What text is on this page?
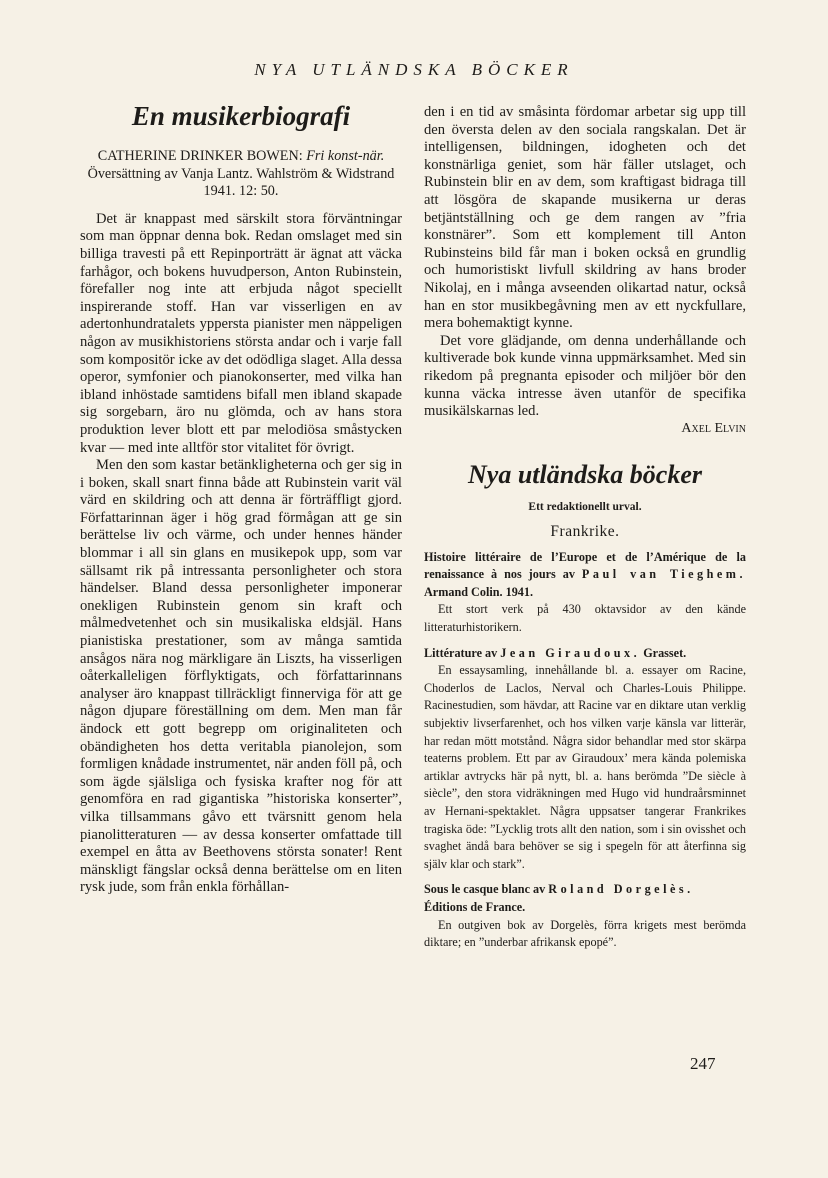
NYA UTLÄNDSKA BÖCKER
En musikerbiografi
CATHERINE DRINKER BOWEN: Fri konst-när. Översättning av Vanja Lantz. Wahlström & Widstrand 1941. 12: 50.

Det är knappast med särskilt stora förväntningar som man öppnar denna bok. Redan omslaget med sin billiga travesti på ett Repinporträtt är ägnat att väcka farhågor, och bokens huvudperson, Anton Rubinstein, förefaller nog inte att erbjuda något speciellt inspirerande stoff. Han var visserligen en av adertonhundratalets yppersta pianister men näppeligen någon av musikhistoriens största andar och i varje fall som kompositör icke av det odödliga slaget. Alla dessa operor, symfonier och pianokonserter, med vilka han ibland inhöstade samtidens bifall men ibland skapade sig sorgebarn, äro nu glömda, och av hans stora produktion lever blott ett par melodiösa småstycken kvar — med inte alltför stor vitalitet för övrigt.

Men den som kastar betänkligheterna och ger sig in i boken, skall snart finna både att Rubinstein varit väl värd en skildring och att denna är förträffligt gjord. Författarinnan äger i hög grad förmågan att ge sin berättelse liv och värme, och under hennes händer blommar i all sin glans en musikepok upp, som var sällsamt rik på intressanta personligheter och stora händelser. Bland dessa personligheter imponerar onekligen Rubinstein genom sin kraft och målmedvetenhet och sin musikaliska eldsjäl. Hans pianistiska prestationer, som av många samtida ansågos nära nog märkligare än Liszts, ha visserligen oåterkalleligen förflyktigats, och författarinnans analyser äro knappast tillräckligt finnerviga för att ge någon djupare föreställning om dem. Men man får ändock ett gott begrepp om originaliteten och obändigheten hos detta veritabla pianolejon, som formligen knådade instrumentet, när anden föll på, och som ägde själsliga och fysiska krafter nog för att genomföra en rad gigantiska ”historiska konserter”, vilka tillsammans gåvo ett tvärsnitt genom hela pianolitteraturen — av dessa konserter omfattade till exempel en åtta av Beethovens största sonater! Rent mänskligt fängslar också denna berättelse om en liten rysk jude, som från enkla förhållan-

den i en tid av småsinta fördomar arbetar sig upp till den översta delen av den sociala rangskalan. Det är intelligensen, bildningen, idogheten och det konstnärliga geniet, som här fäller utslaget, och Rubinstein blir en av dem, som kraftigast bidraga till att lösgöra de skapande musikerna ur deras betjäntställning och ge dem rangen av ”fria konstnärer”. Som ett komplement till Anton Rubinsteins bild får man i boken också en grundlig och humoristiskt livfull skildring av hans broder Nikolaj, en i många avseenden olikartad natur, också han en stor musikbegåvning men av ett nyckfullare, mera bohemaktigt kynne.

Det vore glädjande, om denna underhållande och kultiverade bok kunde vinna uppmärksamhet. Med sin rikedom på pregnanta episoder och miljöer bör den kunna väcka intresse även utanför de specifika musikälskarnas led.

Axel Elvin
Nya utländska böcker
Ett redaktionellt urval.
Frankrike.
Histoire littéraire de l’Europe et de l’Amérique de la renaissance à nos jours av Paul van Tieghem. Armand Colin. 1941.
Ett stort verk på 430 oktavsidor av den kände litteraturhistorikern.
Littérature av Jean Giraudoux. Grasset.
En essaysamling, innehållande bl. a. essayer om Racine, Choderlos de Laclos, Nerval och Charles-Louis Philippe. Racinestudien, som hävdar, att Racine var en diktare utan verklig subjektiv livserfarenhet, och hos vilken varje känsla var litterär, har redan mött motstånd. Några sidor behandlar med stor skärpa teaterns problem. Ett par av Giraudoux’ mera kända polemiska artiklar avtrycks här på nytt, bl. a. hans berömda ”De siècle à siècle”, den stora vidräkningen med Hugo vid hundraårsminnet av Hernani-spektaklet. Några uppsatser tangerar Frankrikes tragiska öde: ”Lycklig trots allt den nation, som i sin ovisshet och svaghet ändå bara behöver se sig i spegeln för att återfinna sig själv klar och stark”.
Sous le casque blanc av Roland Dorgelès.
Éditions de France.
En outgiven bok av Dorgelès, förra krigets mest berömda diktare; en ”underbar afrikansk epopé”.
247
